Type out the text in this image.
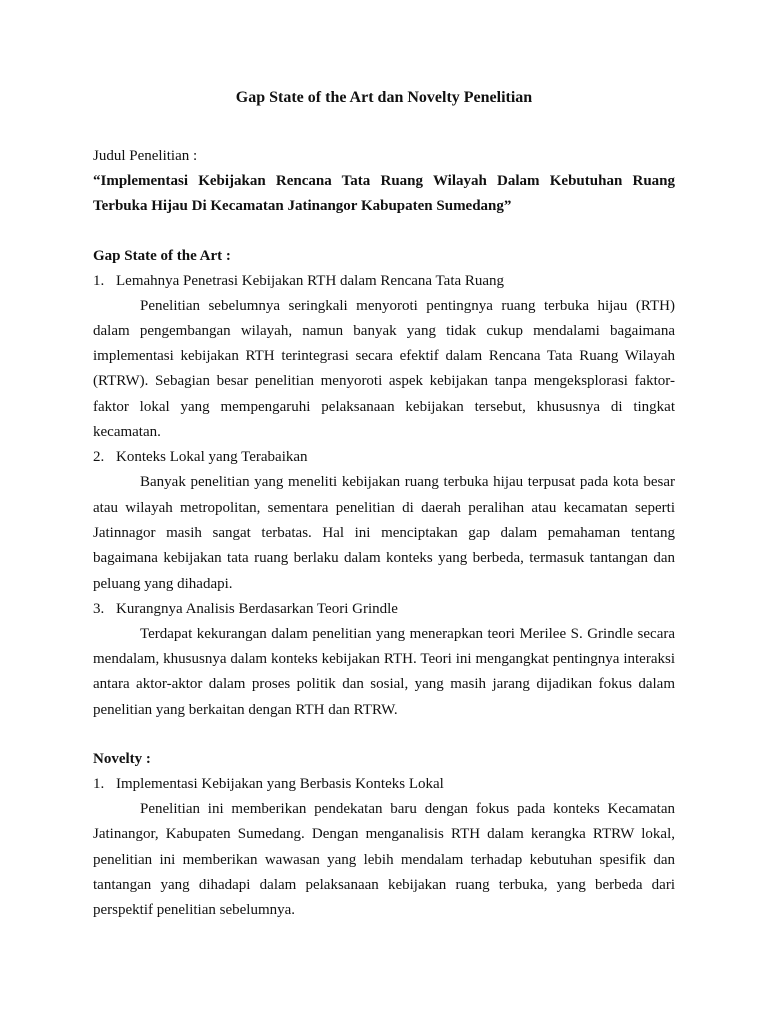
Gap State of the Art dan Novelty Penelitian
Judul Penelitian :
“Implementasi Kebijakan Rencana Tata Ruang Wilayah Dalam Kebutuhan Ruang Terbuka Hijau Di Kecamatan Jatinangor Kabupaten Sumedang”
Gap State of the Art :
1. Lemahnya Penetrasi Kebijakan RTH dalam Rencana Tata Ruang
Penelitian sebelumnya seringkali menyoroti pentingnya ruang terbuka hijau (RTH) dalam pengembangan wilayah, namun banyak yang tidak cukup mendalami bagaimana implementasi kebijakan RTH terintegrasi secara efektif dalam Rencana Tata Ruang Wilayah (RTRW). Sebagian besar penelitian menyoroti aspek kebijakan tanpa mengeksplorasi faktor-faktor lokal yang mempengaruhi pelaksanaan kebijakan tersebut, khususnya di tingkat kecamatan.
2. Konteks Lokal yang Terabaikan
Banyak penelitian yang meneliti kebijakan ruang terbuka hijau terpusat pada kota besar atau wilayah metropolitan, sementara penelitian di daerah peralihan atau kecamatan seperti Jatinnagor masih sangat terbatas. Hal ini menciptakan gap dalam pemahaman tentang bagaimana kebijakan tata ruang berlaku dalam konteks yang berbeda, termasuk tantangan dan peluang yang dihadapi.
3. Kurangnya Analisis Berdasarkan Teori Grindle
Terdapat kekurangan dalam penelitian yang menerapkan teori Merilee S. Grindle secara mendalam, khususnya dalam konteks kebijakan RTH. Teori ini mengangkat pentingnya interaksi antara aktor-aktor dalam proses politik dan sosial, yang masih jarang dijadikan fokus dalam penelitian yang berkaitan dengan RTH dan RTRW.
Novelty :
1. Implementasi Kebijakan yang Berbasis Konteks Lokal
Penelitian ini memberikan pendekatan baru dengan fokus pada konteks Kecamatan Jatinangor, Kabupaten Sumedang. Dengan menganalisis RTH dalam kerangka RTRW lokal, penelitian ini memberikan wawasan yang lebih mendalam terhadap kebutuhan spesifik dan tantangan yang dihadapi dalam pelaksanaan kebijakan ruang terbuka, yang berbeda dari perspektif penelitian sebelumnya.
